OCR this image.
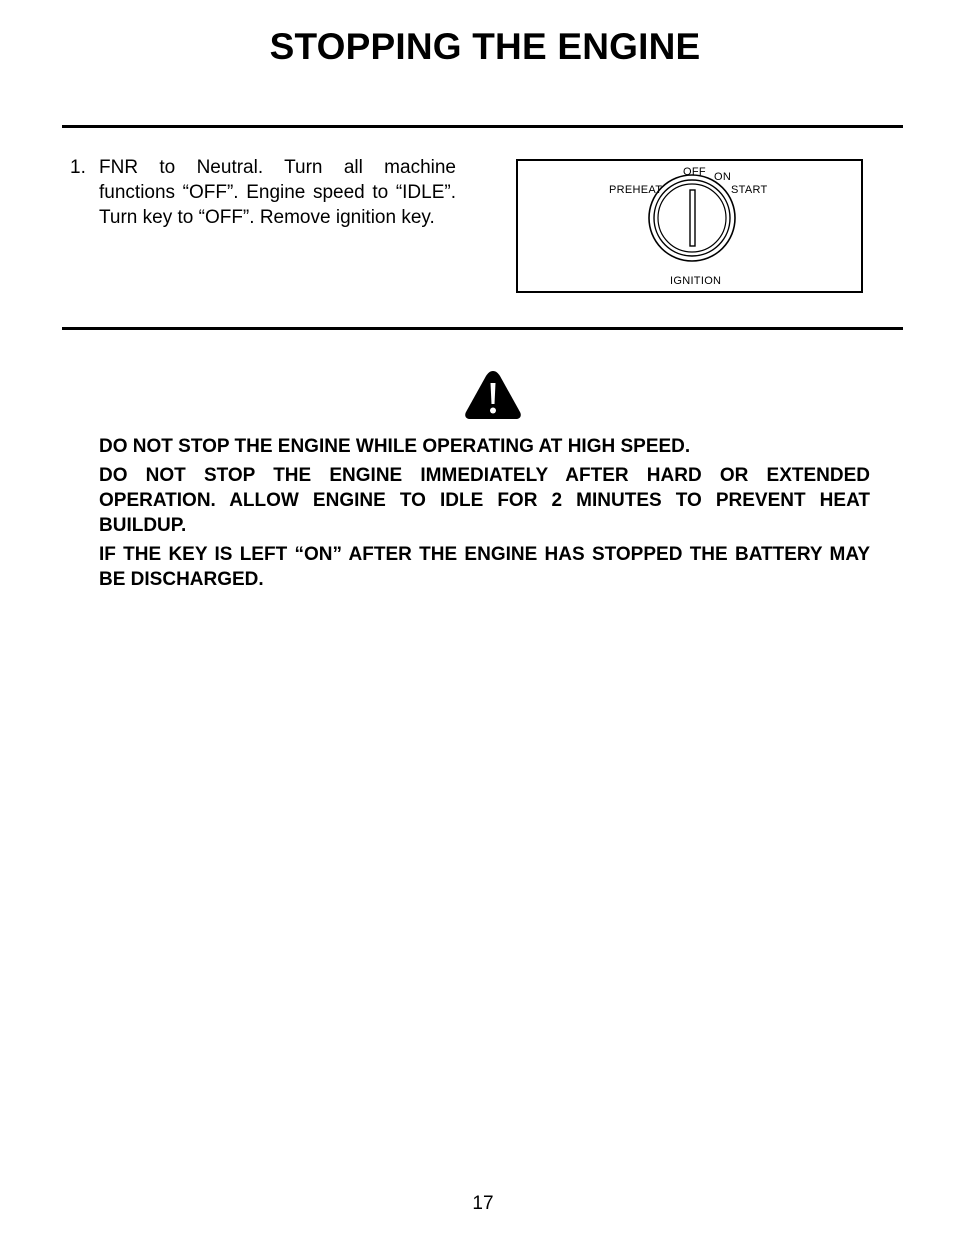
STOPPING THE ENGINE
1. FNR to Neutral. Turn all machine functions “OFF”. Engine speed to “IDLE”. Turn key to “OFF”. Remove ignition key.
OFF ON
PREHEAT	START
IGNITION

DO NOT STOP THE ENGINE WHILE OPERATING AT HIGH SPEED.

DO NOT STOP THE ENGINE IMMEDIATELY AFTER HARD OR EXTENDED OPERATION. ALLOW ENGINE TO IDLE FOR 2 MINUTES TO PREVENT HEAT BUILDUP.

IF THE KEY IS LEFT “ON” AFTER THE ENGINE HAS STOPPED THE BATTERY MAY BE DISCHARGED.

17
